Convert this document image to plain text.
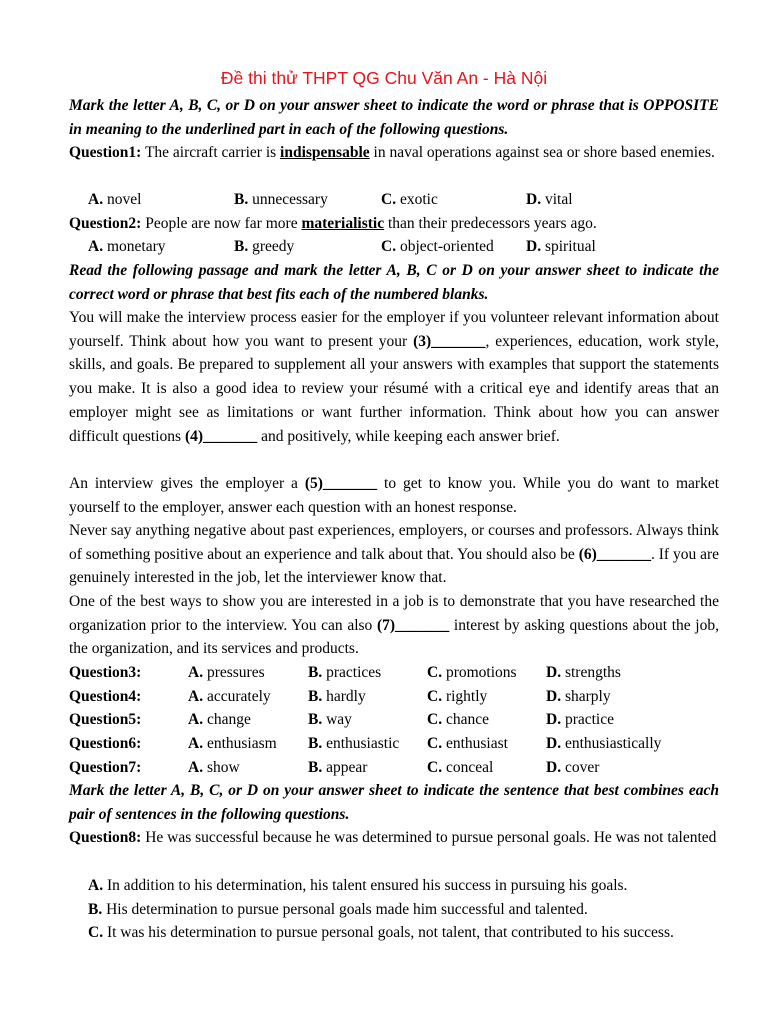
Đề thi thử THPT QG Chu Văn An - Hà Nội
Mark the letter A, B, C, or D on your answer sheet to indicate the word or phrase that is OPPOSITE in meaning to the underlined part in each of the following questions.
Question1: The aircraft carrier is indispensable in naval operations against sea or shore based enemies.
A. novel	B. unnecessary	C. exotic	D. vital
Question2: People are now far more materialistic than their predecessors years ago.
A. monetary	B. greedy	C. object-oriented D. spiritual
Read the following passage and mark the letter A, B, C or D on your answer sheet to indicate the correct word or phrase that best fits each of the numbered blanks.
You will make the interview process easier for the employer if you volunteer relevant information about yourself. Think about how you want to present your (3)_______, experiences, education, work style, skills, and goals. Be prepared to supplement all your answers with examples that support the statements you make. It is also a good idea to review your résumé with a critical eye and identify areas that an employer might see as limitations or want further information. Think about how you can answer difficult questions (4)_______ and positively, while keeping each answer brief.
An interview gives the employer a (5)_______ to get to know you. While you do want to market yourself to the employer, answer each question with an honest response.
Never say anything negative about past experiences, employers, or courses and professors. Always think of something positive about an experience and talk about that. You should also be (6)_______. If you are genuinely interested in the job, let the interviewer know that.
One of the best ways to show you are interested in a job is to demonstrate that you have researched the organization prior to the interview. You can also (7)_______ interest by asking questions about the job, the organization, and its services and products.
Question3:	A. pressures	B. practices	C. promotions D. strengths
Question4:	A. accurately B. hardly	C. rightly	D. sharply
Question5:	A. change	B. way	C. chance	D. practice
Question6:	A. enthusiasm B. enthusiastic C. enthusiast D. enthusiastically
Question7:	A. show	B. appear	C. conceal	D. cover
Mark the letter A, B, C, or D on your answer sheet to indicate the sentence that best combines each pair of sentences in the following questions.
Question8: He was successful because he was determined to pursue personal goals. He was not talented
A. In addition to his determination, his talent ensured his success in pursuing his goals.
B. His determination to pursue personal goals made him successful and talented.
C. It was his determination to pursue personal goals, not talent, that contributed to his success.
